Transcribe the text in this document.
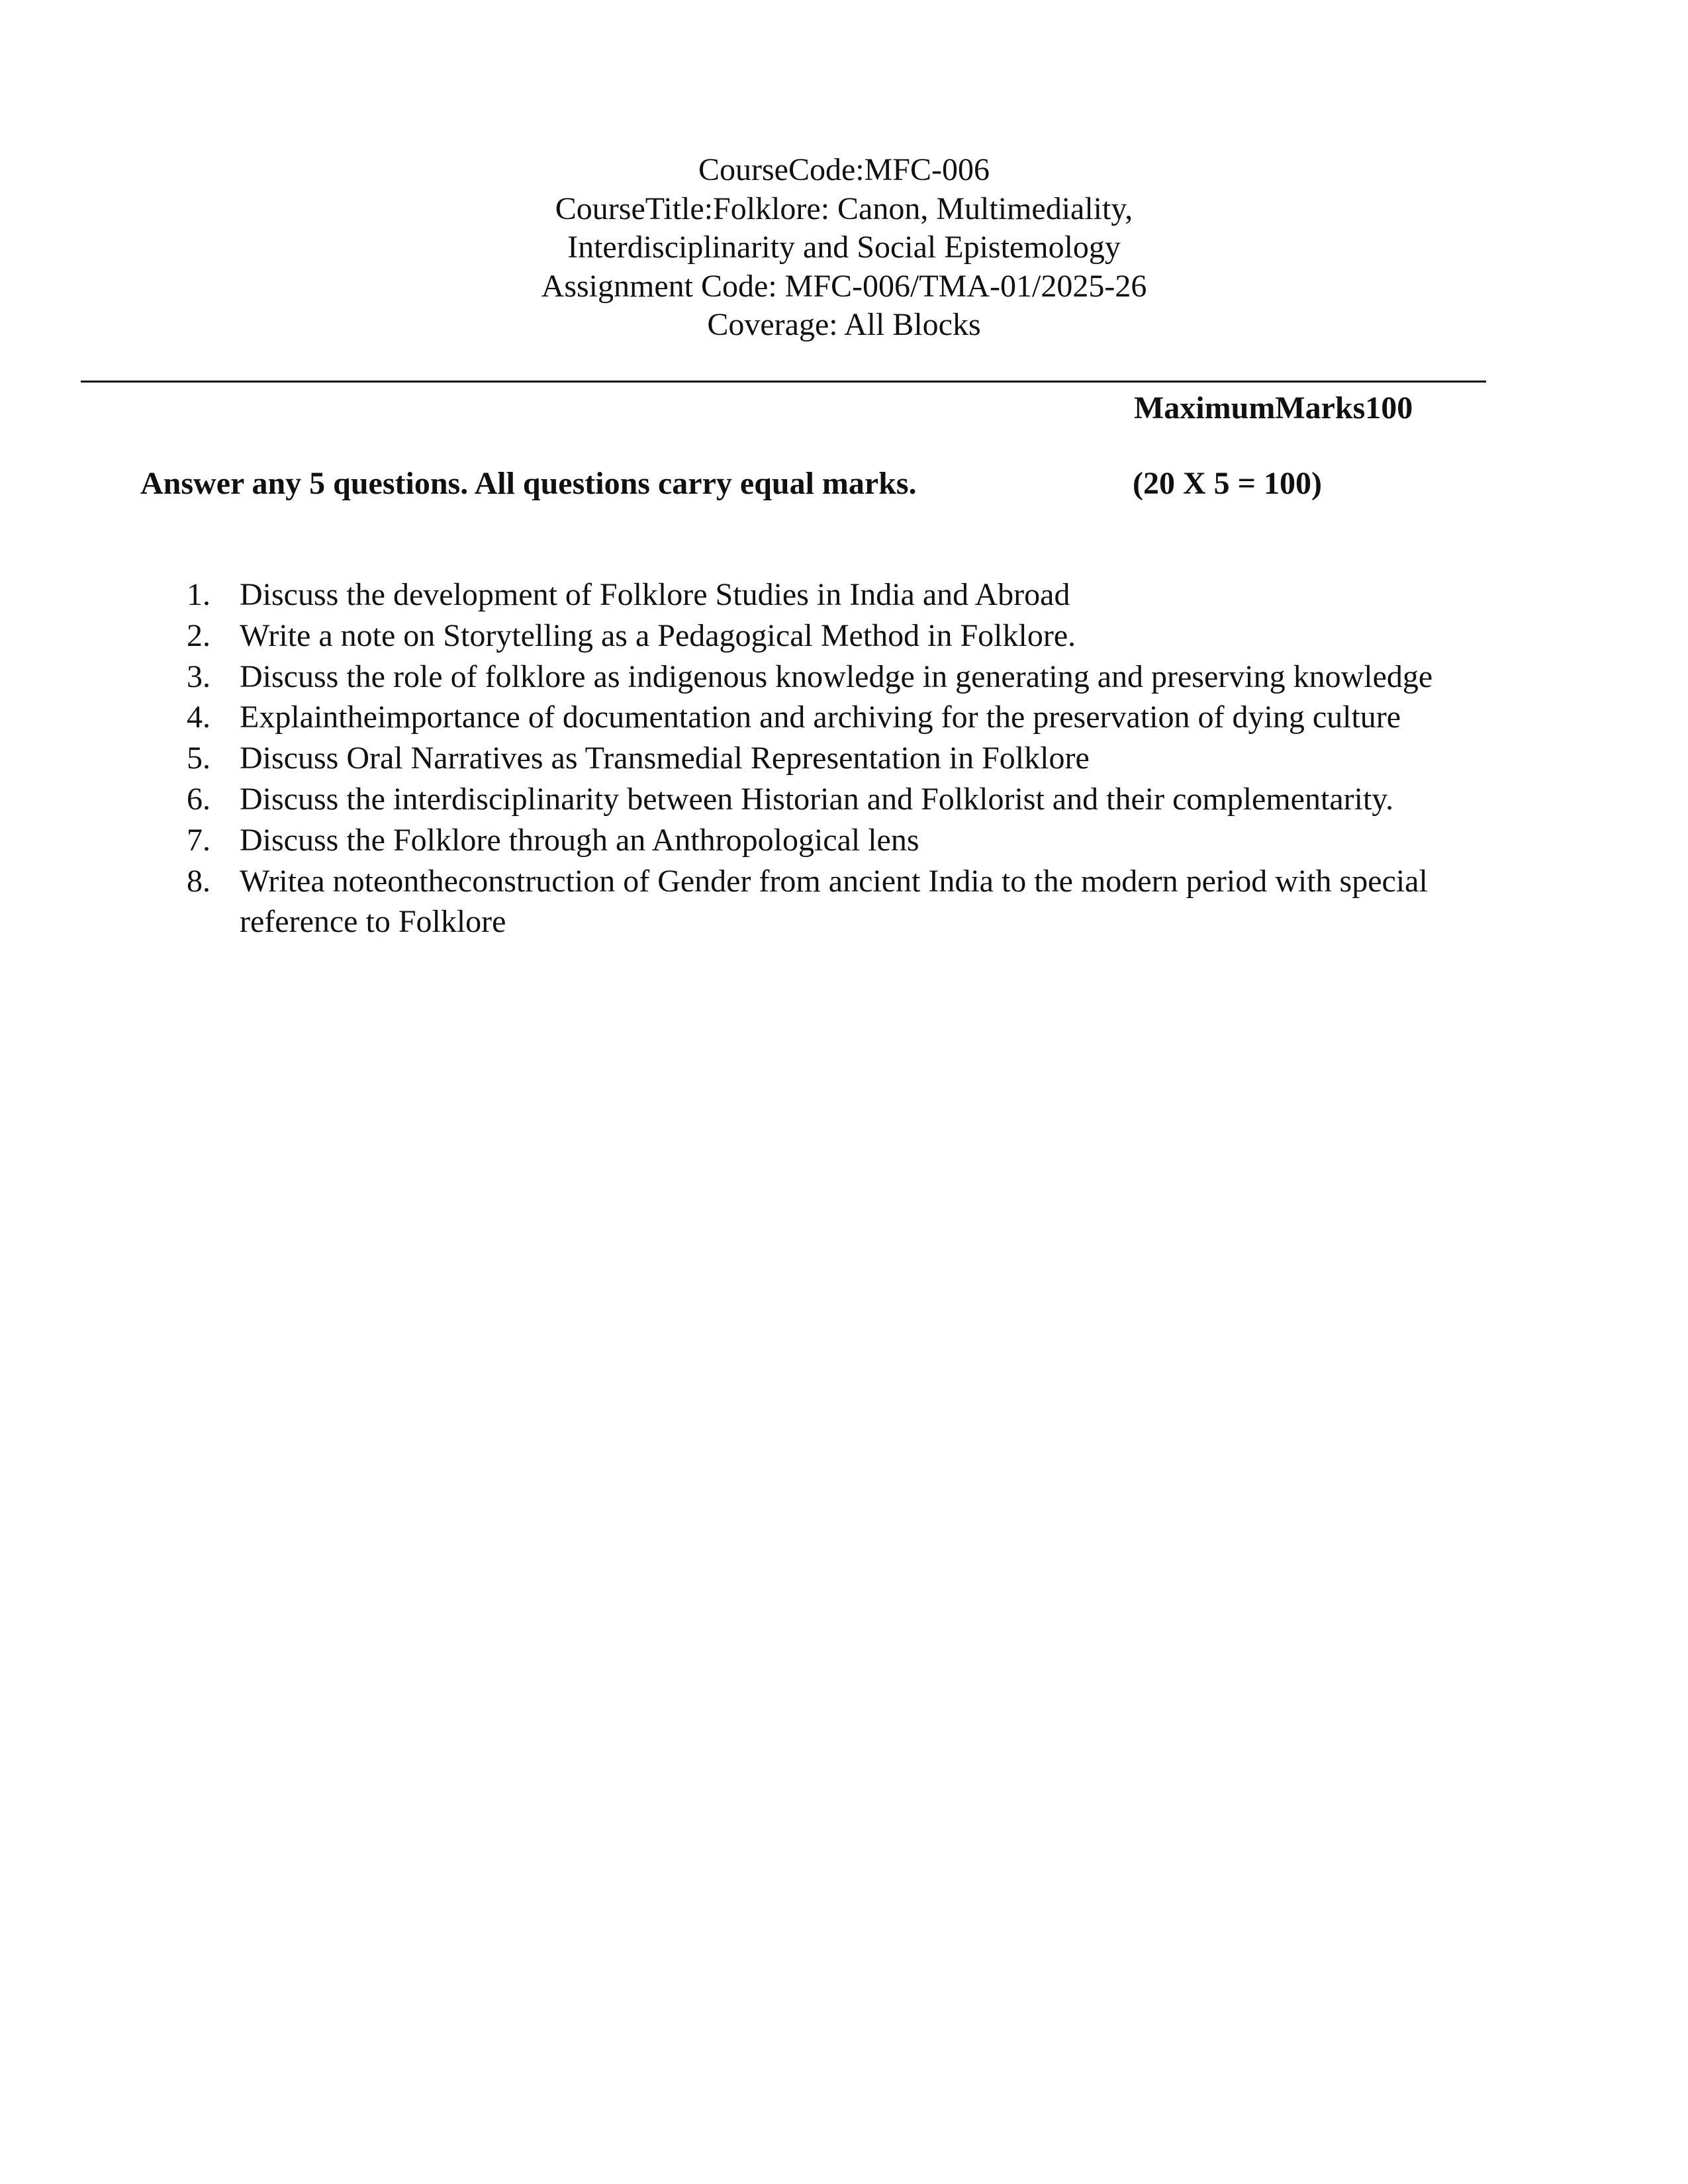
CourseCode:MFC-006
CourseTitle:Folklore: Canon, Multimediality,
Interdisciplinarity and Social Epistemology
Assignment Code: MFC-006/TMA-01/2025-26
Coverage: All Blocks
MaximumMarks100
Answer any 5 questions. All questions carry equal marks.	(20 X 5 = 100)
1. Discuss the development of Folklore Studies in India and Abroad
2. Write a note on Storytelling as a Pedagogical Method in Folklore.
3. Discuss the role of folklore as indigenous knowledge in generating and preserving knowledge
4. Explaintheimportance of documentation and archiving for the preservation of dying culture
5. Discuss Oral Narratives as Transmedial Representation in Folklore
6. Discuss the interdisciplinarity between Historian and Folklorist and their complementarity.
7. Discuss the Folklore through an Anthropological lens
8. Writea noteontheconstruction of Gender from ancient India to the modern period with special reference to Folklore
